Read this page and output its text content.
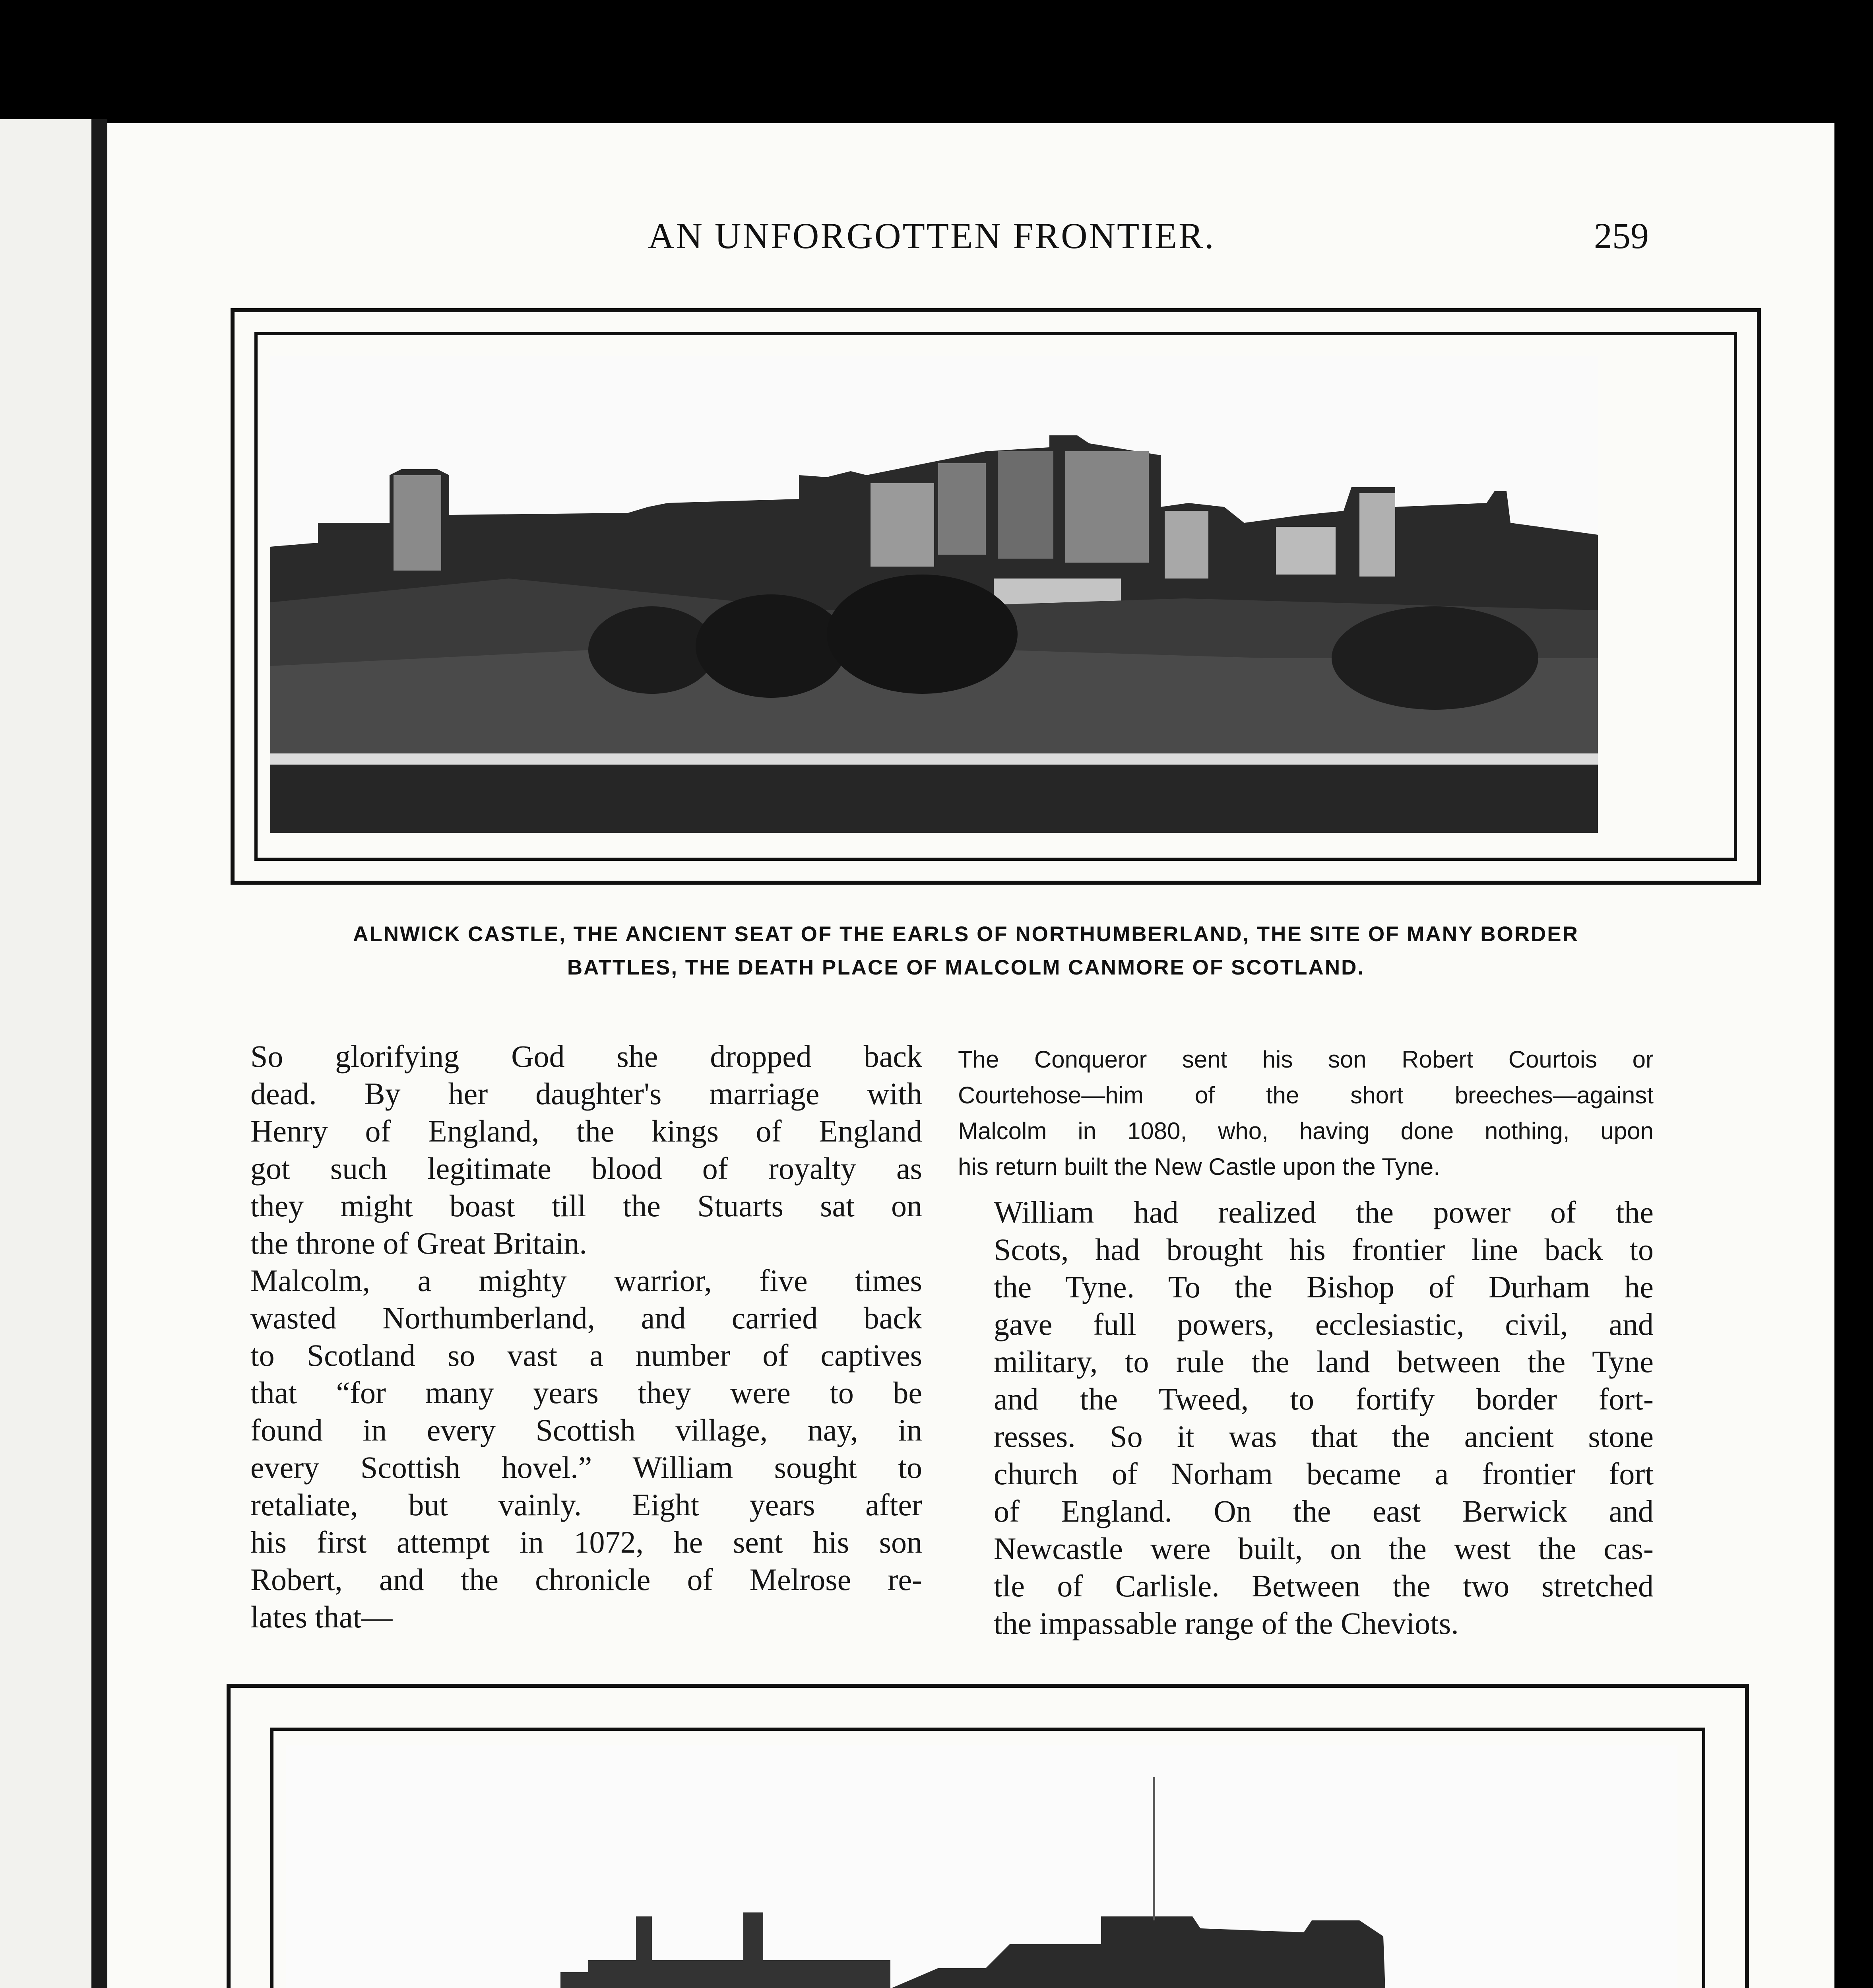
AN UNFORGOTTEN FRONTIER.	259
ALNWICK CASTLE, THE ANCIENT SEAT OF THE EARLS OF NORTHUMBERLAND, THE SITE OF MANY BORDER
BATTLES, THE DEATH PLACE OF MALCOLM CANMORE OF SCOTLAND.

So glorifying God she dropped back
dead. By her daughter's marriage with
Henry of England, the kings of England
got such legitimate blood of royalty as
they might boast till the Stuarts sat on
the throne of Great Britain.

Malcolm, a mighty warrior, five times
wasted Northumberland, and carried back
to Scotland so vast a number of captives
that “for many years they were to be
found in every Scottish village, nay, in
every Scottish hovel.” William sought to
retaliate, but vainly. Eight years after
his first attempt in 1072, he sent his son
Robert, and the chronicle of Melrose re-
lates that—

The Conqueror sent his son Robert Courtois or
Courtehose—him of the short breeches—against
Malcolm in 1080, who, having done nothing, upon
his return built the New Castle upon the Tyne.

William had realized the power of the
Scots, had brought his frontier line back to
the Tyne. To the Bishop of Durham he
gave full powers, ecclesiastic, civil, and
military, to rule the land between the Tyne
and the Tweed, to fortify border fort-
resses. So it was that the ancient stone
church of Norham became a frontier fort
of England. On the east Berwick and
Newcastle were built, on the west the cas-
tle of Carlisle. Between the two stretched
the impassable range of the Cheviots.
